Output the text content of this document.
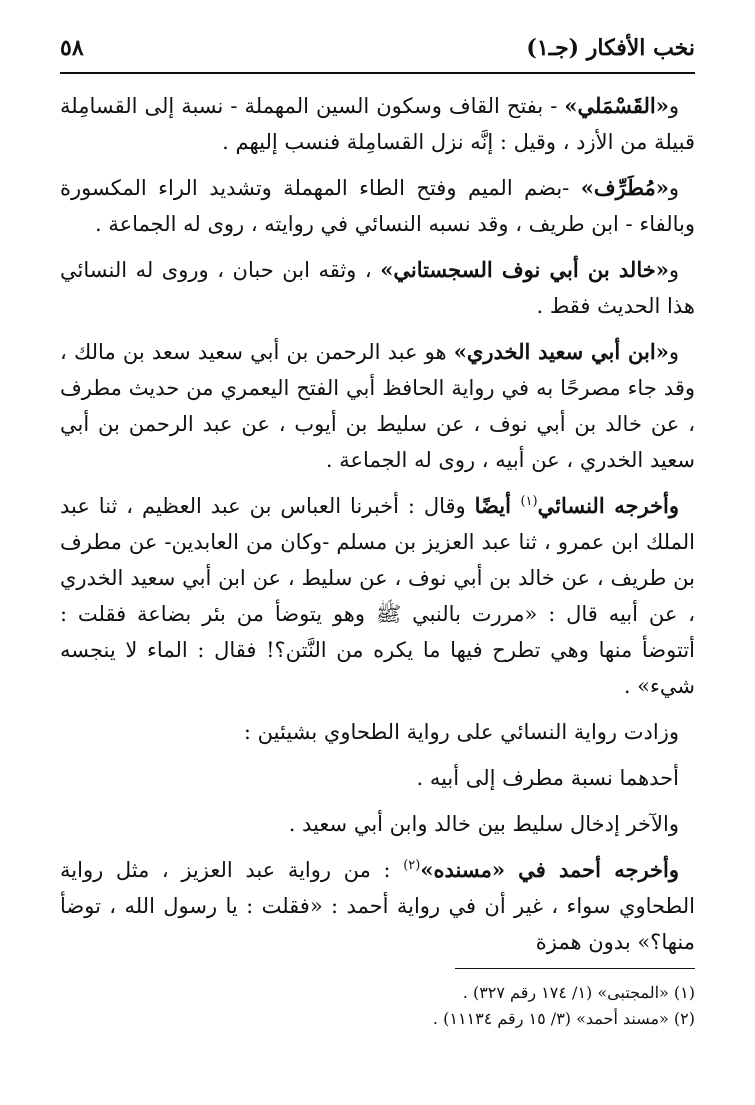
نخب الأفكار (جـ١)
٥٨

و«القَسْمَلي» - بفتح القاف وسكون السين المهملة - نسبة إلى القسامِلة قبيلة من الأزد ، وقيل : إنَّه نزل القسامِلة فنسب إليهم .

و«مُطَرِّف» -بضم الميم وفتح الطاء المهملة وتشديد الراء المكسورة وبالفاء - ابن طريف ، وقد نسبه النسائي في روايته ، روى له الجماعة .

و«خالد بن أبي نوف السجستاني» ، وثقه ابن حبان ، وروى له النسائي هذا الحديث فقط .

و«ابن أبي سعيد الخدري» هو عبد الرحمن بن أبي سعيد سعد بن مالك ، وقد جاء مصرحًا به في رواية الحافظ أبي الفتح اليعمري من حديث مطرف ، عن خالد بن أبي نوف ، عن سليط بن أيوب ، عن عبد الرحمن بن أبي سعيد الخدري ، عن أبيه ، روى له الجماعة .

وأخرجه النسائي$^{(١)}$ أيضًا وقال : أخبرنا العباس بن عبد العظيم ، ثنا عبد الملك ابن عمرو ، ثنا عبد العزيز بن مسلم -وكان من العابدين- عن مطرف بن طريف ، عن خالد بن أبي نوف ، عن سليط ، عن ابن أبي سعيد الخدري ، عن أبيه قال : «مررت بالنبي ﷺ وهو يتوضأ من بئر بضاعة فقلت : أتتوضأ منها وهي تطرح فيها ما يكره من النَّتن؟! فقال : الماء لا ينجسه شيء» .

وزادت رواية النسائي على رواية الطحاوي بشيئين :

أحدهما نسبة مطرف إلى أبيه .

والآخر إدخال سليط بين خالد وابن أبي سعيد .

وأخرجه أحمد في «مسنده»$^{(٢)}$ : من رواية عبد العزيز ، مثل رواية الطحاوي سواء ، غير أن في رواية أحمد : «فقلت : يا رسول الله ، توضأ منها؟» بدون همزة

(١) «المجتبى» (١/ ١٧٤ رقم ٣٢٧) .

(٢) «مسند أحمد» (٣/ ١٥ رقم ١١١٣٤) .
